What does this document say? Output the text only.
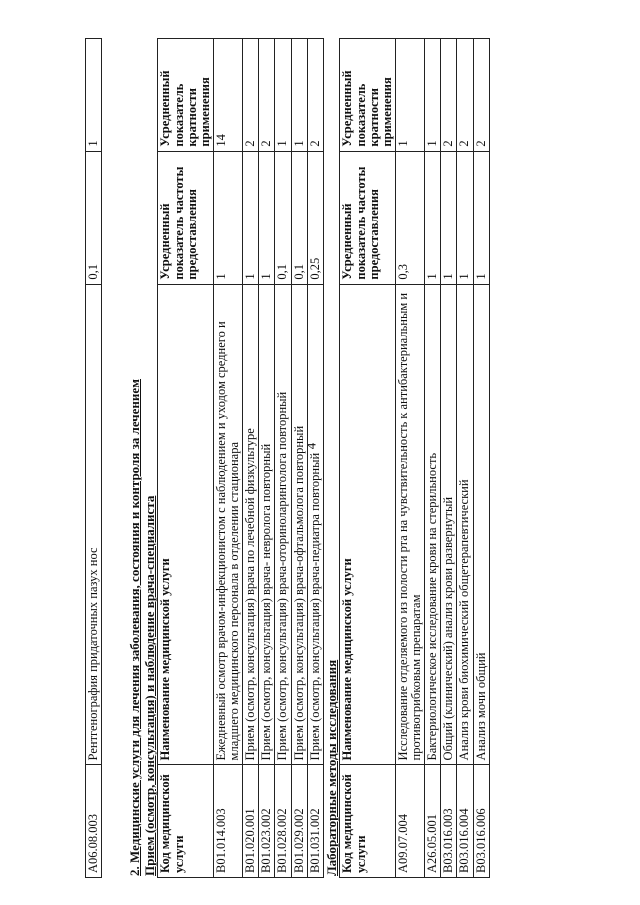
4
A06.08.003	Рентгенография придаточных пазух нос	0,1	1
2. Медицинские услуги для лечения заболевания, состояния и контроля за лечением Прием (осмотр, консультация) и наблюдение врача-специалиста Код медицинской услуги	Наименование медицинской услуги	Усредненный показатель частоты предоставления	Усредненный показатель кратности применения
B01.014.003	Ежедневный осмотр врачом-инфекционистом с наблюдением и уходом среднего и младшего медицинского персонала в отделении стационара	1	14
B01.020.001	Прием (осмотр, консультация) врача по лечебной физкультуре	1	2
B01.023.002	Прием (осмотр, консультация) врача- невролога повторный	1	2
B01.028.002	Прием (осмотр, консультация) врача-оториноларинголога повторный	0,1	1
B01.029.002	Прием (осмотр, консультация) врача-офтальмолога повторный	0,1	1
B01.031.002	Прием (осмотр, консультация) врача-педиатра повторный	0,25	2
Лабораторные методы исследования Код медицинской услуги	Наименование медицинской услуги	Усредненный показатель частоты предоставления	Усредненный показатель кратности применения
A09.07.004	Исследование отделяемого из полости рта на чувствительность к антибактериальным и противогрибковым препаратам	0,3	1
A26.05.001	Бактериологическое исследование крови на стерильность	1	1
B03.016.003	Общий (клинический) анализ крови развернутый	1	2
B03.016.004	Анализ крови биохимический общетерапевтический	1	2
B03.016.006	Анализ мочи общий	1	2
